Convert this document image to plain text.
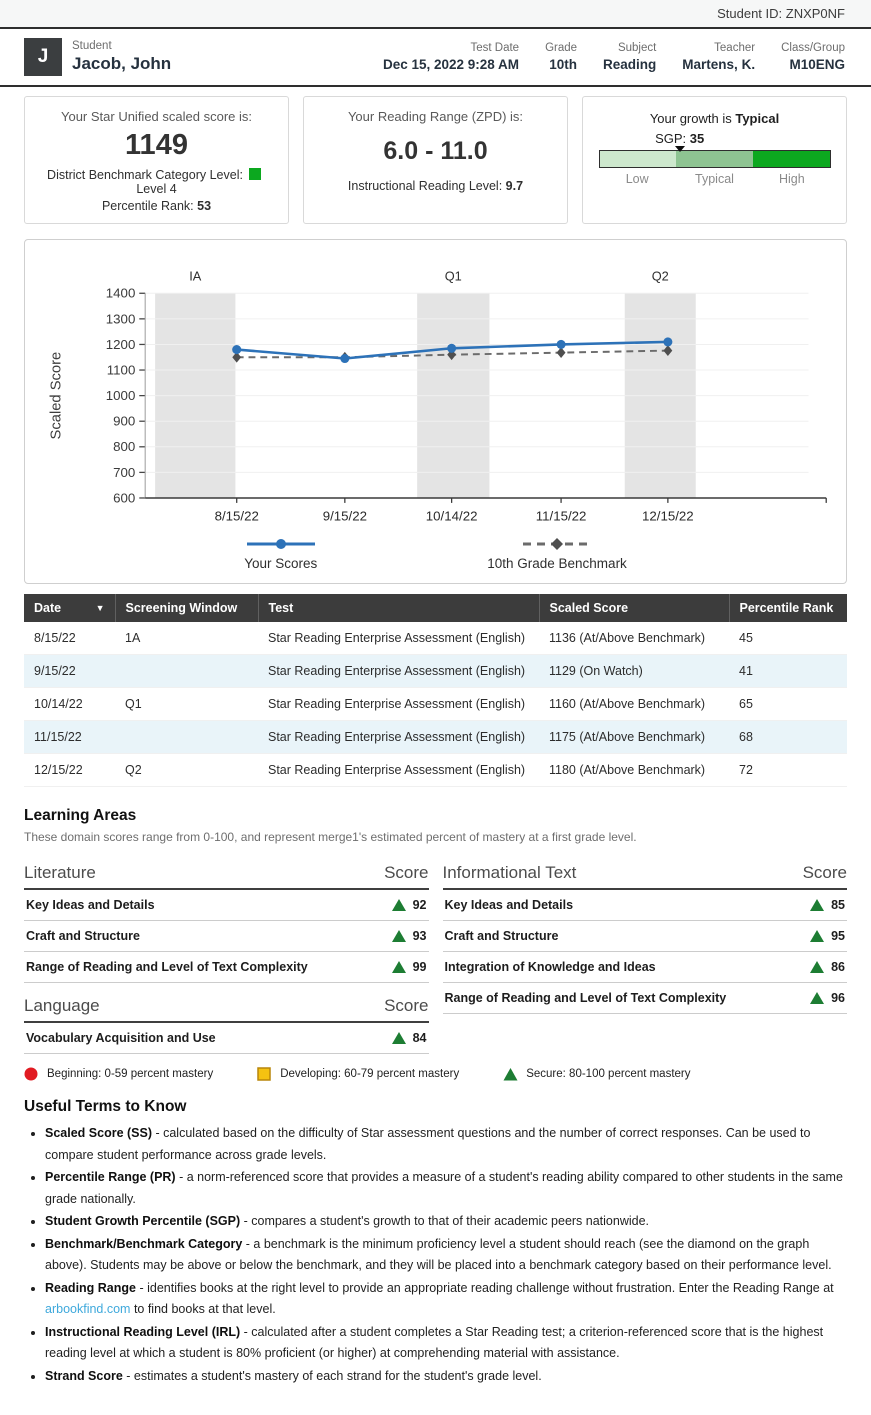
Student ID: ZNXP0NF
J	Student
Jacob, John
Test Date
Dec 15, 2022 9:28 AM
Grade
10th
Subject
Reading
Teacher
Martens, K.
Class/Group
M10ENG
Your Star Unified scaled score is:
1149
District Benchmark Category Level:Level 4
Percentile Rank: 53
Your Reading Range (ZPD) is:
6.0 - 11.0
Instructional Reading Level: 9.7
Your growth is Typical
SGP: 35
Low	Typical	High
IA	Q1	Q2
600
700
800
900
1000
1100
1200
1300
1400
8/15/22	9/15/22	10/14/22	11/15/22	12/15/22
Scaled Score
Your Scores	10th Grade Benchmark
Date ▼	Screening Window	Test	Scaled Score	Percentile Rank
8/15/22	1A	Star Reading Enterprise Assessment (English)	1136 (At/Above Benchmark)	45
9/15/22		Star Reading Enterprise Assessment (English)	1129 (On Watch)	41
10/14/22	Q1	Star Reading Enterprise Assessment (English)	1160 (At/Above Benchmark)	65
11/15/22		Star Reading Enterprise Assessment (English)	1175 (At/Above Benchmark)	68
12/15/22	Q2	Star Reading Enterprise Assessment (English)	1180 (At/Above Benchmark)	72
Learning Areas
These domain scores range from 0-100, and represent merge1's estimated percent of mastery at a first grade level.
Literature	Score
Key Ideas and Details	92
Craft and Structure	93
Range of Reading and Level of Text Complexity	99
Language	Score
Vocabulary Acquisition and Use	84
Informational Text	Score
Key Ideas and Details	85
Craft and Structure	95
Integration of Knowledge and Ideas	86
Range of Reading and Level of Text Complexity	96
Beginning: 0-59 percent mastery	Developing: 60-79 percent mastery	Secure: 80-100 percent mastery
Useful Terms to Know
• Scaled Score (SS) - calculated based on the difficulty of Star assessment questions and the number of correct responses. Can be used to compare student performance across grade levels.
• Percentile Range (PR) - a norm-referenced score that provides a measure of a student's reading ability compared to other students in the same grade nationally.
• Student Growth Percentile (SGP) - compares a student's growth to that of their academic peers nationwide.
• Benchmark/Benchmark Category - a benchmark is the minimum proficiency level a student should reach (see the diamond on the graph above). Students may be above or below the benchmark, and they will be placed into a benchmark category based on their performance level.
• Reading Range - identifies books at the right level to provide an appropriate reading challenge without frustration. Enter the Reading Range at arbookfind.com to find books at that level.
• Instructional Reading Level (IRL) - calculated after a student completes a Star Reading test; a criterion-referenced score that is the highest reading level at which a student is 80% proficient (or higher) at comprehending material with assistance.
• Strand Score - estimates a student's mastery of each strand for the student's grade level.
